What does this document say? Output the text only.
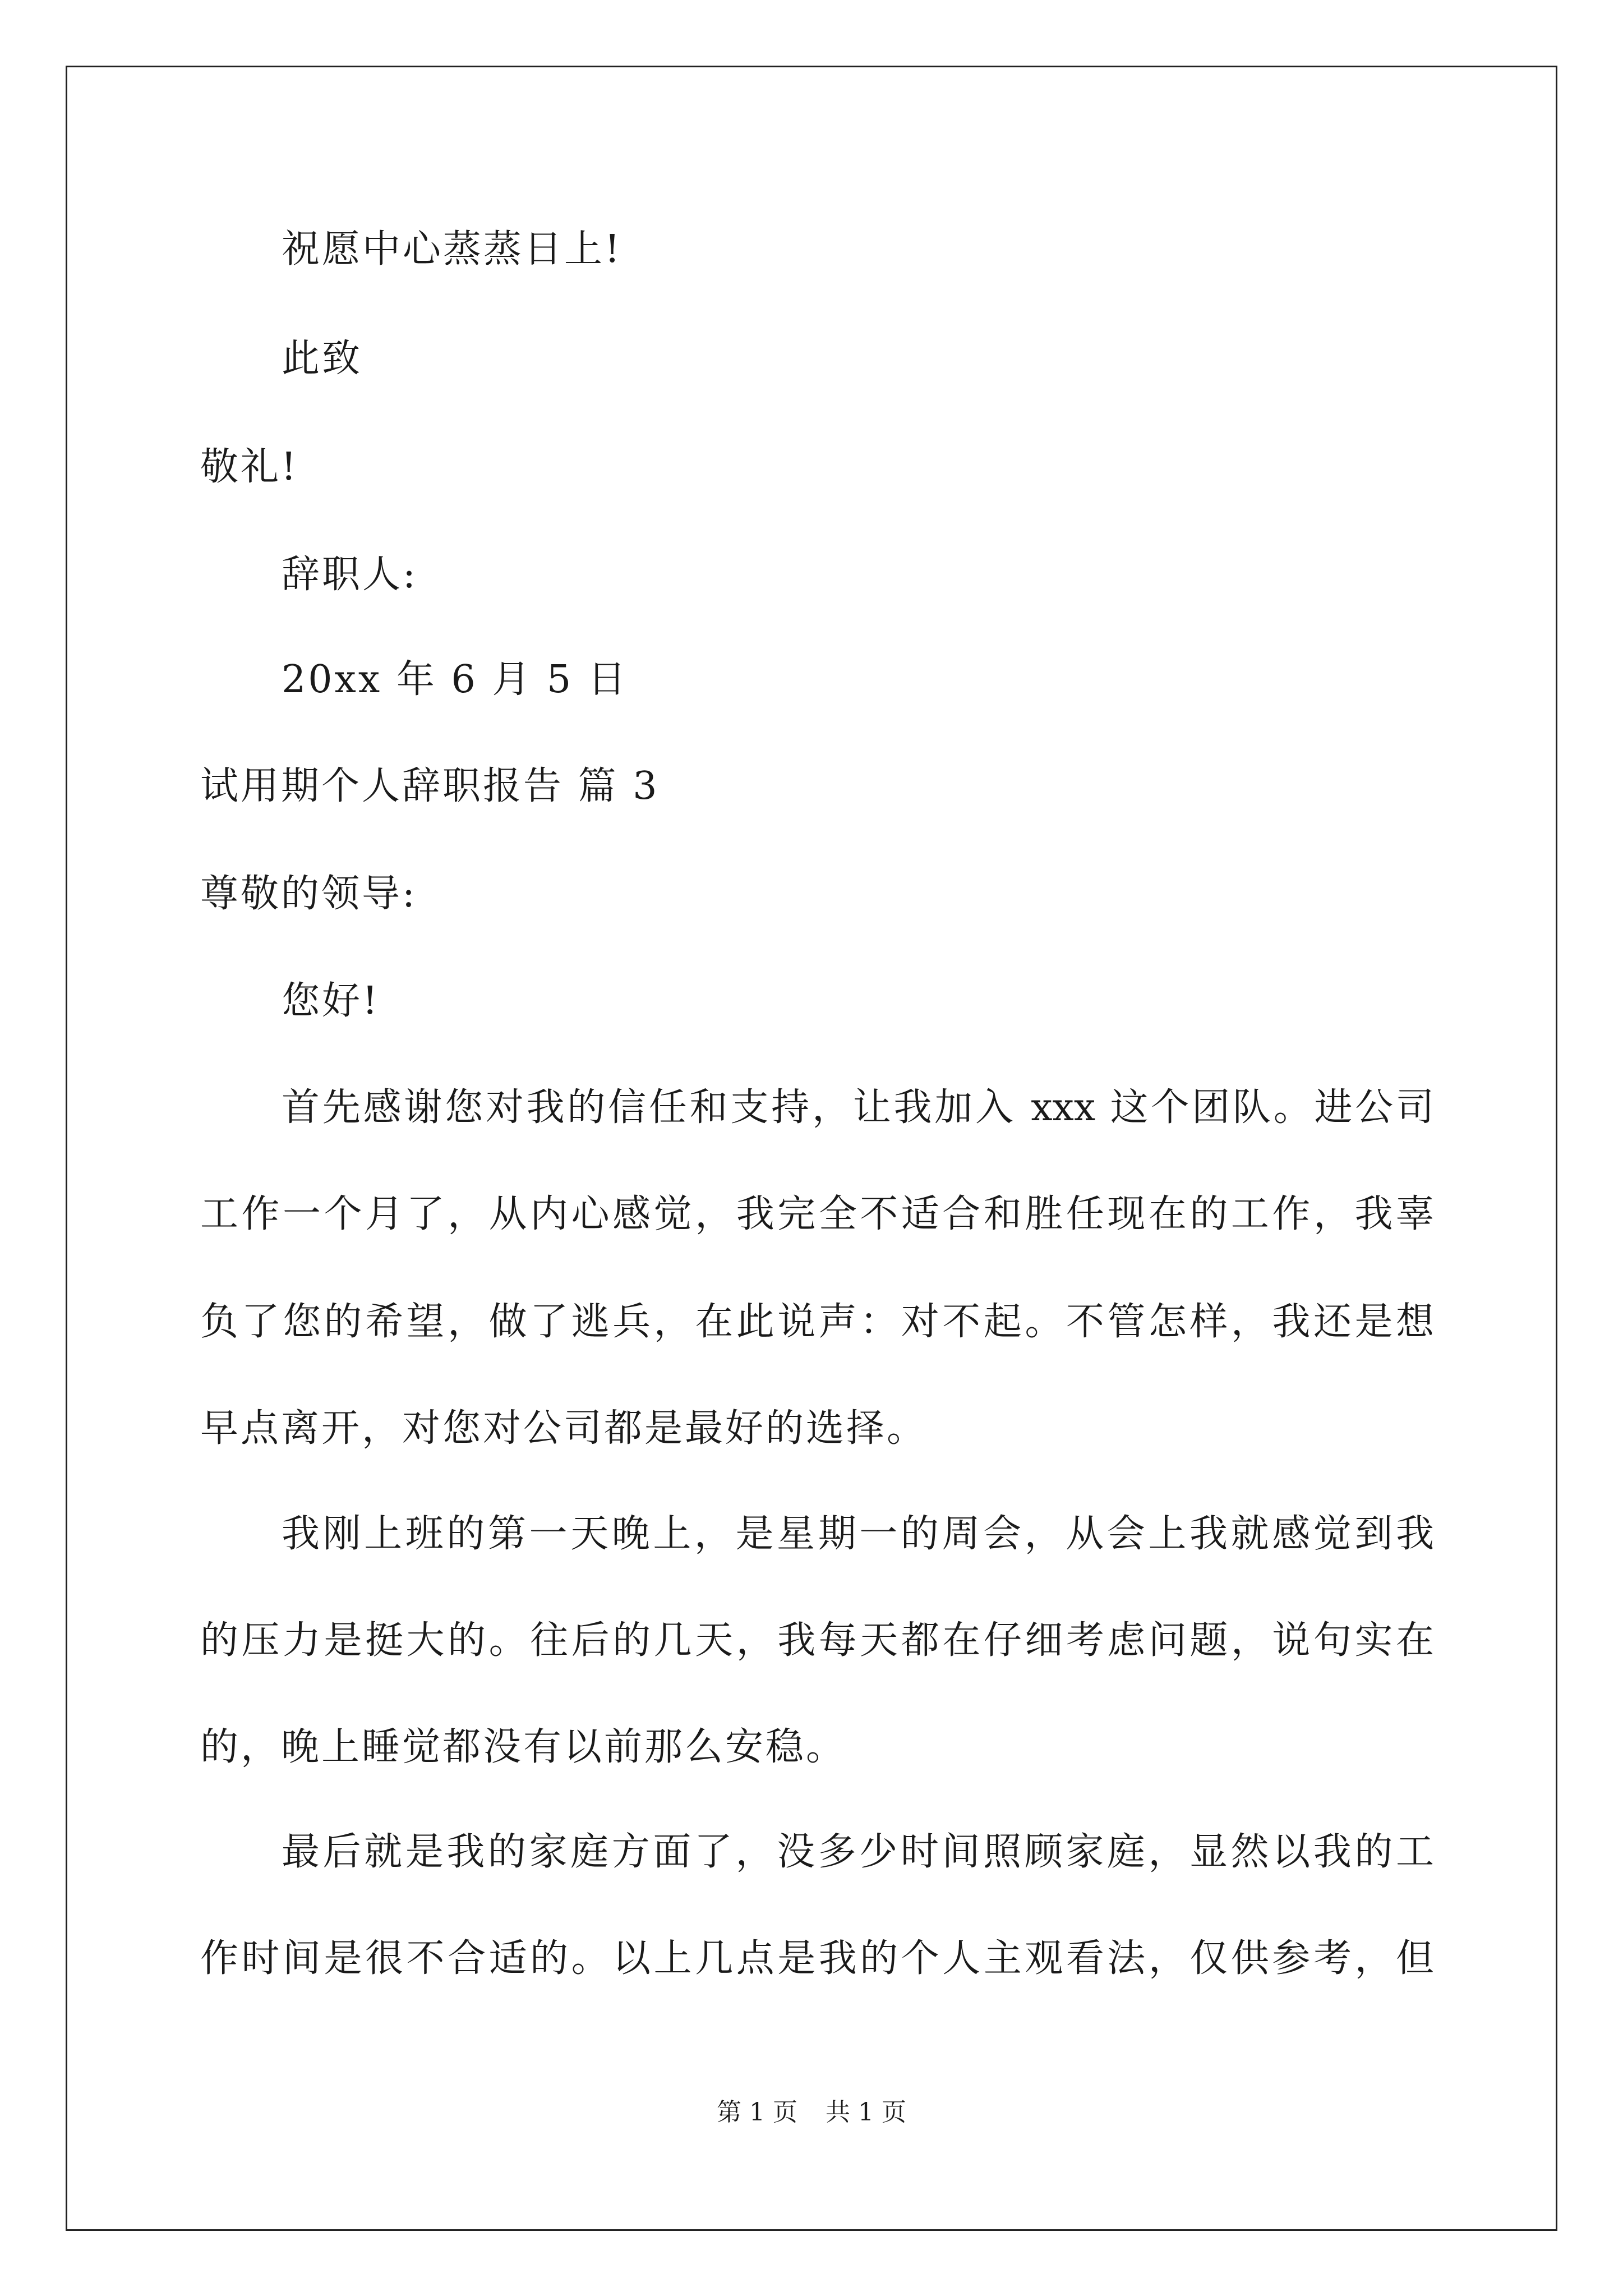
祝愿中心蒸蒸日上!
此致
敬礼!
辞职人:
20xx 年 6 月 5 日
试用期个人辞职报告 篇 3
尊敬的领导:
您好!
首先感谢您对我的信任和支持，让我加入 xxx 这个团队。进公司
工作一个月了，从内心感觉，我完全不适合和胜任现在的工作，我辜
负了您的希望，做了逃兵，在此说声：对不起。不管怎样，我还是想
早点离开，对您对公司都是最好的选择。
我刚上班的第一天晚上，是星期一的周会，从会上我就感觉到我
的压力是挺大的。往后的几天，我每天都在仔细考虑问题，说句实在
的，晚上睡觉都没有以前那么安稳。
最后就是我的家庭方面了，没多少时间照顾家庭，显然以我的工
作时间是很不合适的。以上几点是我的个人主观看法，仅供参考，但
第 1 页 共 1 页
